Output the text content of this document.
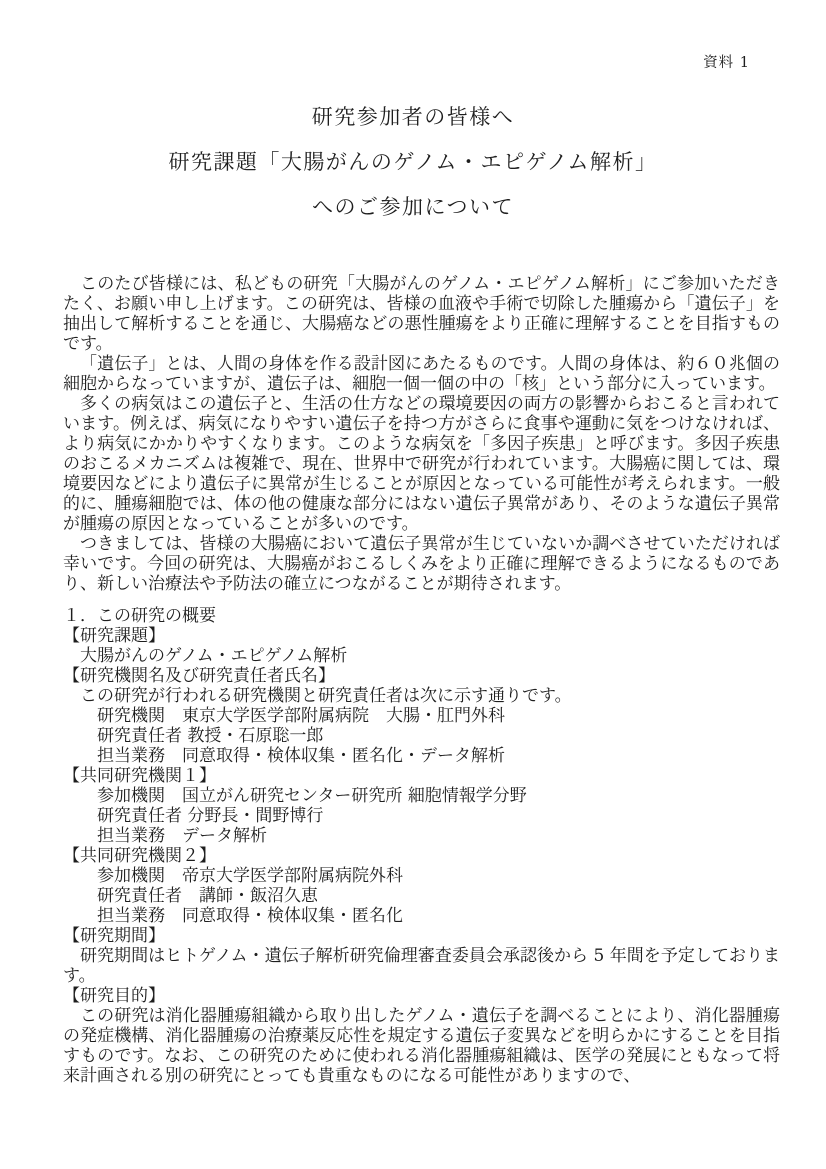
資料 1
研究参加者の皆様へ
研究課題「大腸がんのゲノム・エピゲノム解析」
へのご参加について

このたび皆様には、私どもの研究「大腸がんのゲノム・エピゲノム解析」にご参加いただきたく、お願い申し上げます。この研究は、皆様の血液や手術で切除した腫瘍から「遺伝子」を抽出して解析することを通じ、大腸癌などの悪性腫瘍をより正確に理解することを目指すものです。

「遺伝子」とは、人間の身体を作る設計図にあたるものです。人間の身体は、約６０兆個の細胞からなっていますが、遺伝子は、細胞一個一個の中の「核」という部分に入っています。

多くの病気はこの遺伝子と、生活の仕方などの環境要因の両方の影響からおこると言われています。例えば、病気になりやすい遺伝子を持つ方がさらに食事や運動に気をつけなければ、より病気にかかりやすくなります。このような病気を「多因子疾患」と呼びます。多因子疾患のおこるメカニズムは複雑で、現在、世界中で研究が行われています。大腸癌に関しては、環境要因などにより遺伝子に異常が生じることが原因となっている可能性が考えられます。一般的に、腫瘍細胞では、体の他の健康な部分にはない遺伝子異常があり、そのような遺伝子異常が腫瘍の原因となっていることが多いのです。

つきましては、皆様の大腸癌において遺伝子異常が生じていないか調べさせていただければ幸いです。今回の研究は、大腸癌がおこるしくみをより正確に理解できるようになるものであり、新しい治療法や予防法の確立につながることが期待されます。

１．この研究の概要
【研究課題】
大腸がんのゲノム・エピゲノム解析
【研究機関名及び研究責任者氏名】
この研究が行われる研究機関と研究責任者は次に示す通りです。
研究機関　東京大学医学部附属病院　大腸・肛門外科
研究責任者 教授・石原聡一郎
担当業務　同意取得・検体収集・匿名化・データ解析
【共同研究機関１】
参加機関　国立がん研究センター研究所 細胞情報学分野
研究責任者 分野長・間野博行
担当業務　データ解析
【共同研究機関２】
参加機関　帝京大学医学部附属病院外科
研究責任者　講師・飯沼久恵
担当業務　同意取得・検体収集・匿名化
【研究期間】

研究期間はヒトゲノム・遺伝子解析研究倫理審査委員会承認後から 5 年間を予定しております。

【研究目的】

この研究は消化器腫瘍組織から取り出したゲノム・遺伝子を調べることにより、消化器腫瘍の発症機構、消化器腫瘍の治療薬反応性を規定する遺伝子変異などを明らかにすることを目指すものです。なお、この研究のために使われる消化器腫瘍組織は、医学の発展にともなって将来計画される別の研究にとっても貴重なものになる可能性がありますので、
